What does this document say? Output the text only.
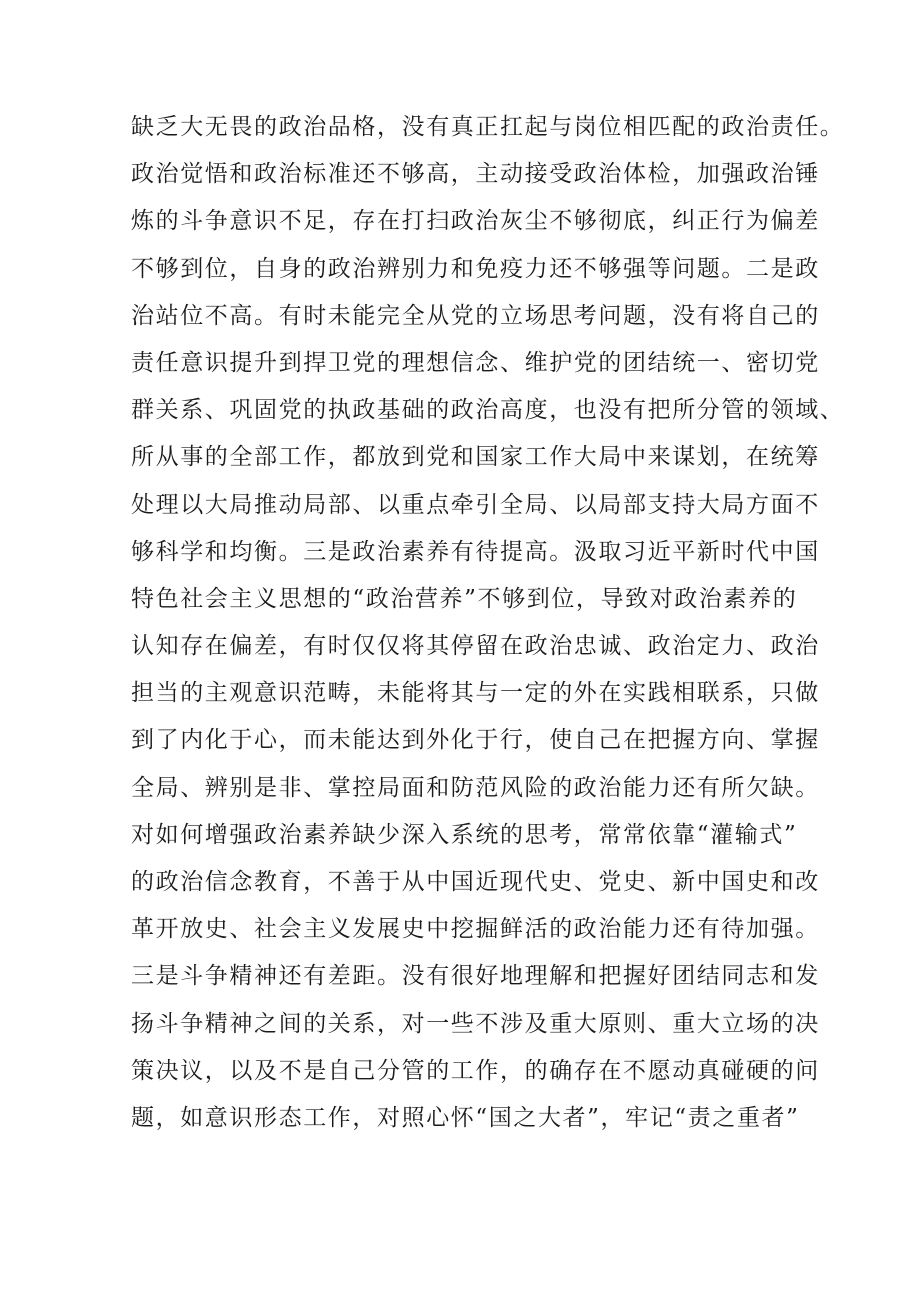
缺乏大无畏的政治品格，没有真正扛起与岗位相匹配的政治责任。
政治觉悟和政治标准还不够高，主动接受政治体检，加强政治锤
炼的斗争意识不足，存在打扫政治灰尘不够彻底，纠正行为偏差
不够到位，自身的政治辨别力和免疫力还不够强等问题。二是政
治站位不高。有时未能完全从党的立场思考问题，没有将自己的
责任意识提升到捍卫党的理想信念、维护党的团结统一、密切党
群关系、巩固党的执政基础的政治高度，也没有把所分管的领域、
所从事的全部工作，都放到党和国家工作大局中来谋划，在统筹
处理以大局推动局部、以重点牵引全局、以局部支持大局方面不
够科学和均衡。三是政治素养有待提高。汲取习近平新时代中国
特色社会主义思想的“政治营养”不够到位，导致对政治素养的
认知存在偏差，有时仅仅将其停留在政治忠诚、政治定力、政治
担当的主观意识范畴，未能将其与一定的外在实践相联系，只做
到了内化于心，而未能达到外化于行，使自己在把握方向、掌握
全局、辨别是非、掌控局面和防范风险的政治能力还有所欠缺。
对如何增强政治素养缺少深入系统的思考，常常依靠“灌输式”
的政治信念教育，不善于从中国近现代史、党史、新中国史和改
革开放史、社会主义发展史中挖掘鲜活的政治能力还有待加强。
三是斗争精神还有差距。没有很好地理解和把握好团结同志和发
扬斗争精神之间的关系，对一些不涉及重大原则、重大立场的决
策决议，以及不是自己分管的工作，的确存在不愿动真碰硬的问
题，如意识形态工作，对照心怀“国之大者”，牢记“责之重者”
